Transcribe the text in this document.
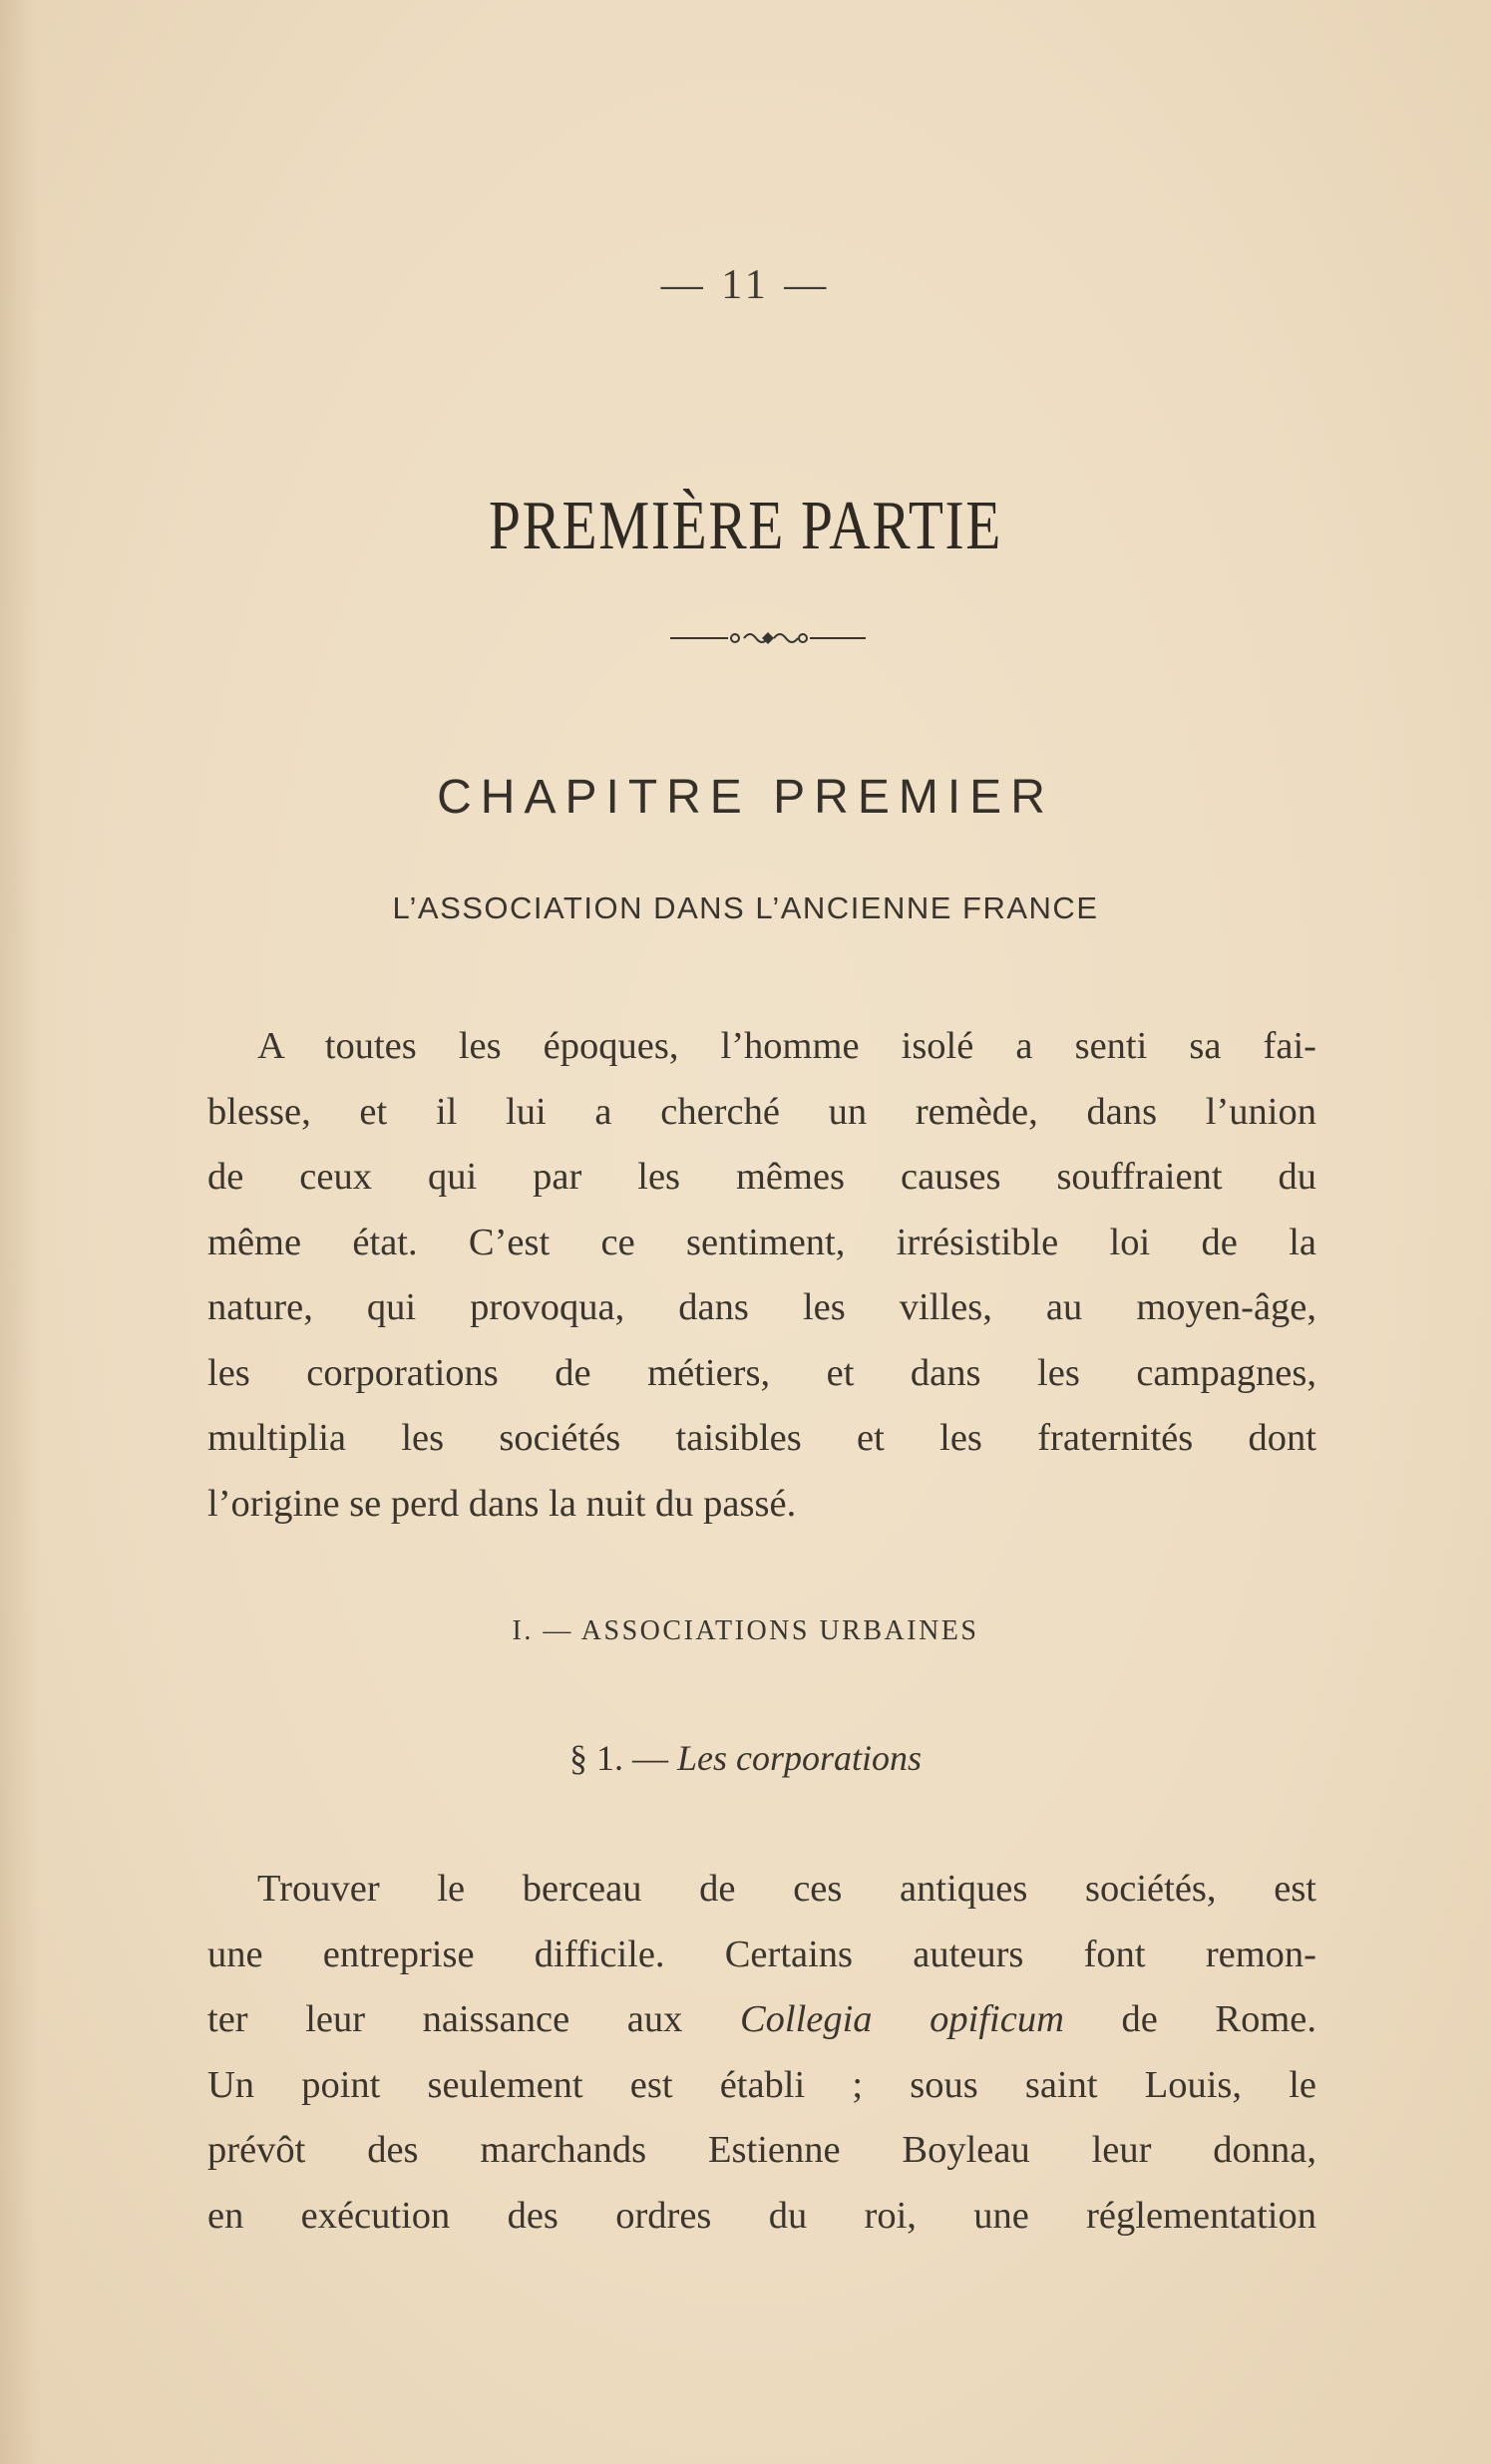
— 11 —
PREMIÈRE PARTIE
CHAPITRE PREMIER
L’ASSOCIATION DANS L’ANCIENNE FRANCE
A toutes les époques, l’homme isolé a senti sa fai-
blesse, et il lui a cherché un remède, dans l’union
de ceux qui par les mêmes causes souffraient du
même état. C’est ce sentiment, irrésistible loi de la
nature, qui provoqua, dans les villes, au moyen-âge,
les corporations de métiers, et dans les campagnes,
multiplia les sociétés taisibles et les fraternités dont
l’origine se perd dans la nuit du passé.
I. — ASSOCIATIONS URBAINES
§ 1. — Les corporations
Trouver le berceau de ces antiques sociétés, est
une entreprise difficile. Certains auteurs font remon-
ter leur naissance aux Collegia opificum de Rome.
Un point seulement est établi ; sous saint Louis, le
prévôt des marchands Estienne Boyleau leur donna,
en exécution des ordres du roi, une réglementation
